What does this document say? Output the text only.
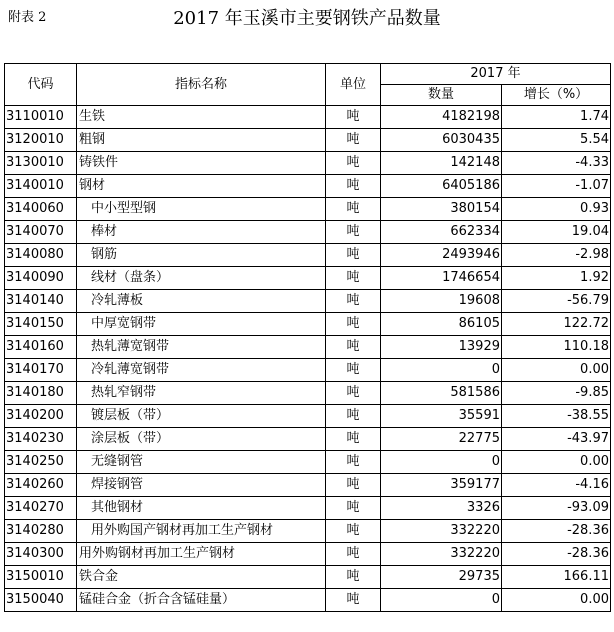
附表 2	2017 年玉溪市主要钢铁产品数量
代码	指标名称	单位	2017 年	
			数量	增长（%）
3110010	生铁	吨	4182198	1.74
3120010	粗钢	吨	6030435	5.54
3130010	铸铁件	吨	142148	-4.33
3140010	钢材	吨	6405186	-1.07
3140060	中小型型钢	吨	380154	0.93
3140070	棒材	吨	662334	19.04
3140080	钢筋	吨	2493946	-2.98
3140090	线材（盘条）	吨	1746654	1.92
3140140	冷轧薄板	吨	19608	-56.79
3140150	中厚宽钢带	吨	86105	122.72
3140160	热轧薄宽钢带	吨	13929	110.18
3140170	冷轧薄宽钢带	吨	0	0.00
3140180	热轧窄钢带	吨	581586	-9.85
3140200	镀层板（带）	吨	35591	-38.55
3140230	涂层板（带）	吨	22775	-43.97
3140250	无缝钢管	吨	0	0.00
3140260	焊接钢管	吨	359177	-4.16
3140270	其他钢材	吨	3326	-93.09
3140280	用外购国产钢材再加工生产钢材	吨	332220	-28.36
3140300	用外购钢材再加工生产钢材	吨	332220	-28.36
3150010	铁合金	吨	29735	166.11
3150040	锰硅合金（折合含锰硅量）	吨	0	0.00
